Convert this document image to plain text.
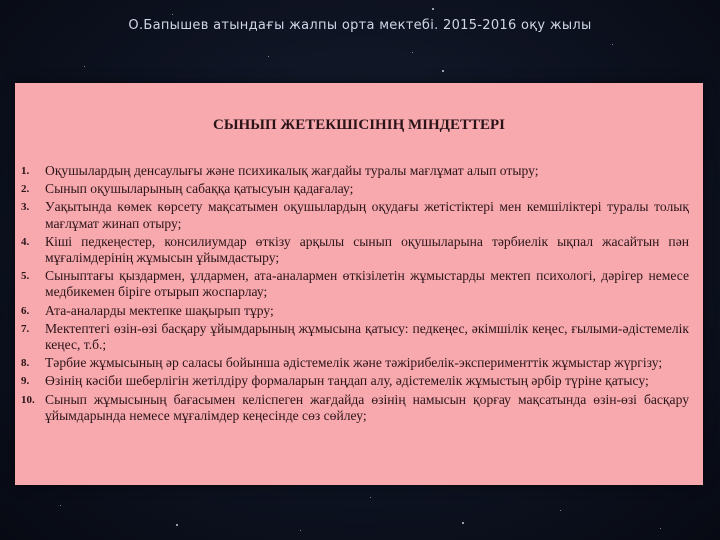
О.Бапышев атындағы жалпы орта мектебі. 2015-2016 оқу жылы
СЫНЫП ЖЕТЕКШІСІНІҢ МІНДЕТТЕРІ
1.	Оқушылардың денсаулығы және психикалық жағдайы туралы мағлұмат алып отыру;
2.	Сынып оқушыларының сабаққа қатысуын қадағалау;
3.	Уақытында көмек көрсету мақсатымен оқушылардың оқудағы жетістіктері мен кемшіліктері туралы толық мағлұмат жинап отыру;
4.	Кіші педкеңестер, консилиумдар өткізу арқылы сынып оқушыларына тәрбиелік ықпал жасайтын пән мұғалімдерінің жұмысын ұйымдастыру;
5.	Сыныптағы қыздармен, ұлдармен, ата-аналармен өткізілетін жұмыстарды мектеп психологі, дәрігер немесе медбикемен біріге отырып жоспарлау;
6.	Ата-аналарды мектепке шақырып тұру;
7.	Мектептегі өзін-өзі басқару ұйымдарының жұмысына қатысу: педкеңес, әкімшілік кеңес, ғылыми-әдістемелік кеңес, т.б.;
8.	Тәрбие жұмысының әр саласы бойынша әдістемелік және тәжірибелік-эксперименттік жұмыстар жүргізу;
9.	Өзінің кәсіби шеберлігін жетілдіру формаларын таңдап алу, әдістемелік жұмыстың әрбір түріне қатысу;
10. Сынып жұмысының бағасымен келіспеген жағдайда өзінің намысын қорғау мақсатында өзін-өзі басқару ұйымдарында немесе мұғалімдер кеңесінде сөз сөйлеу;
